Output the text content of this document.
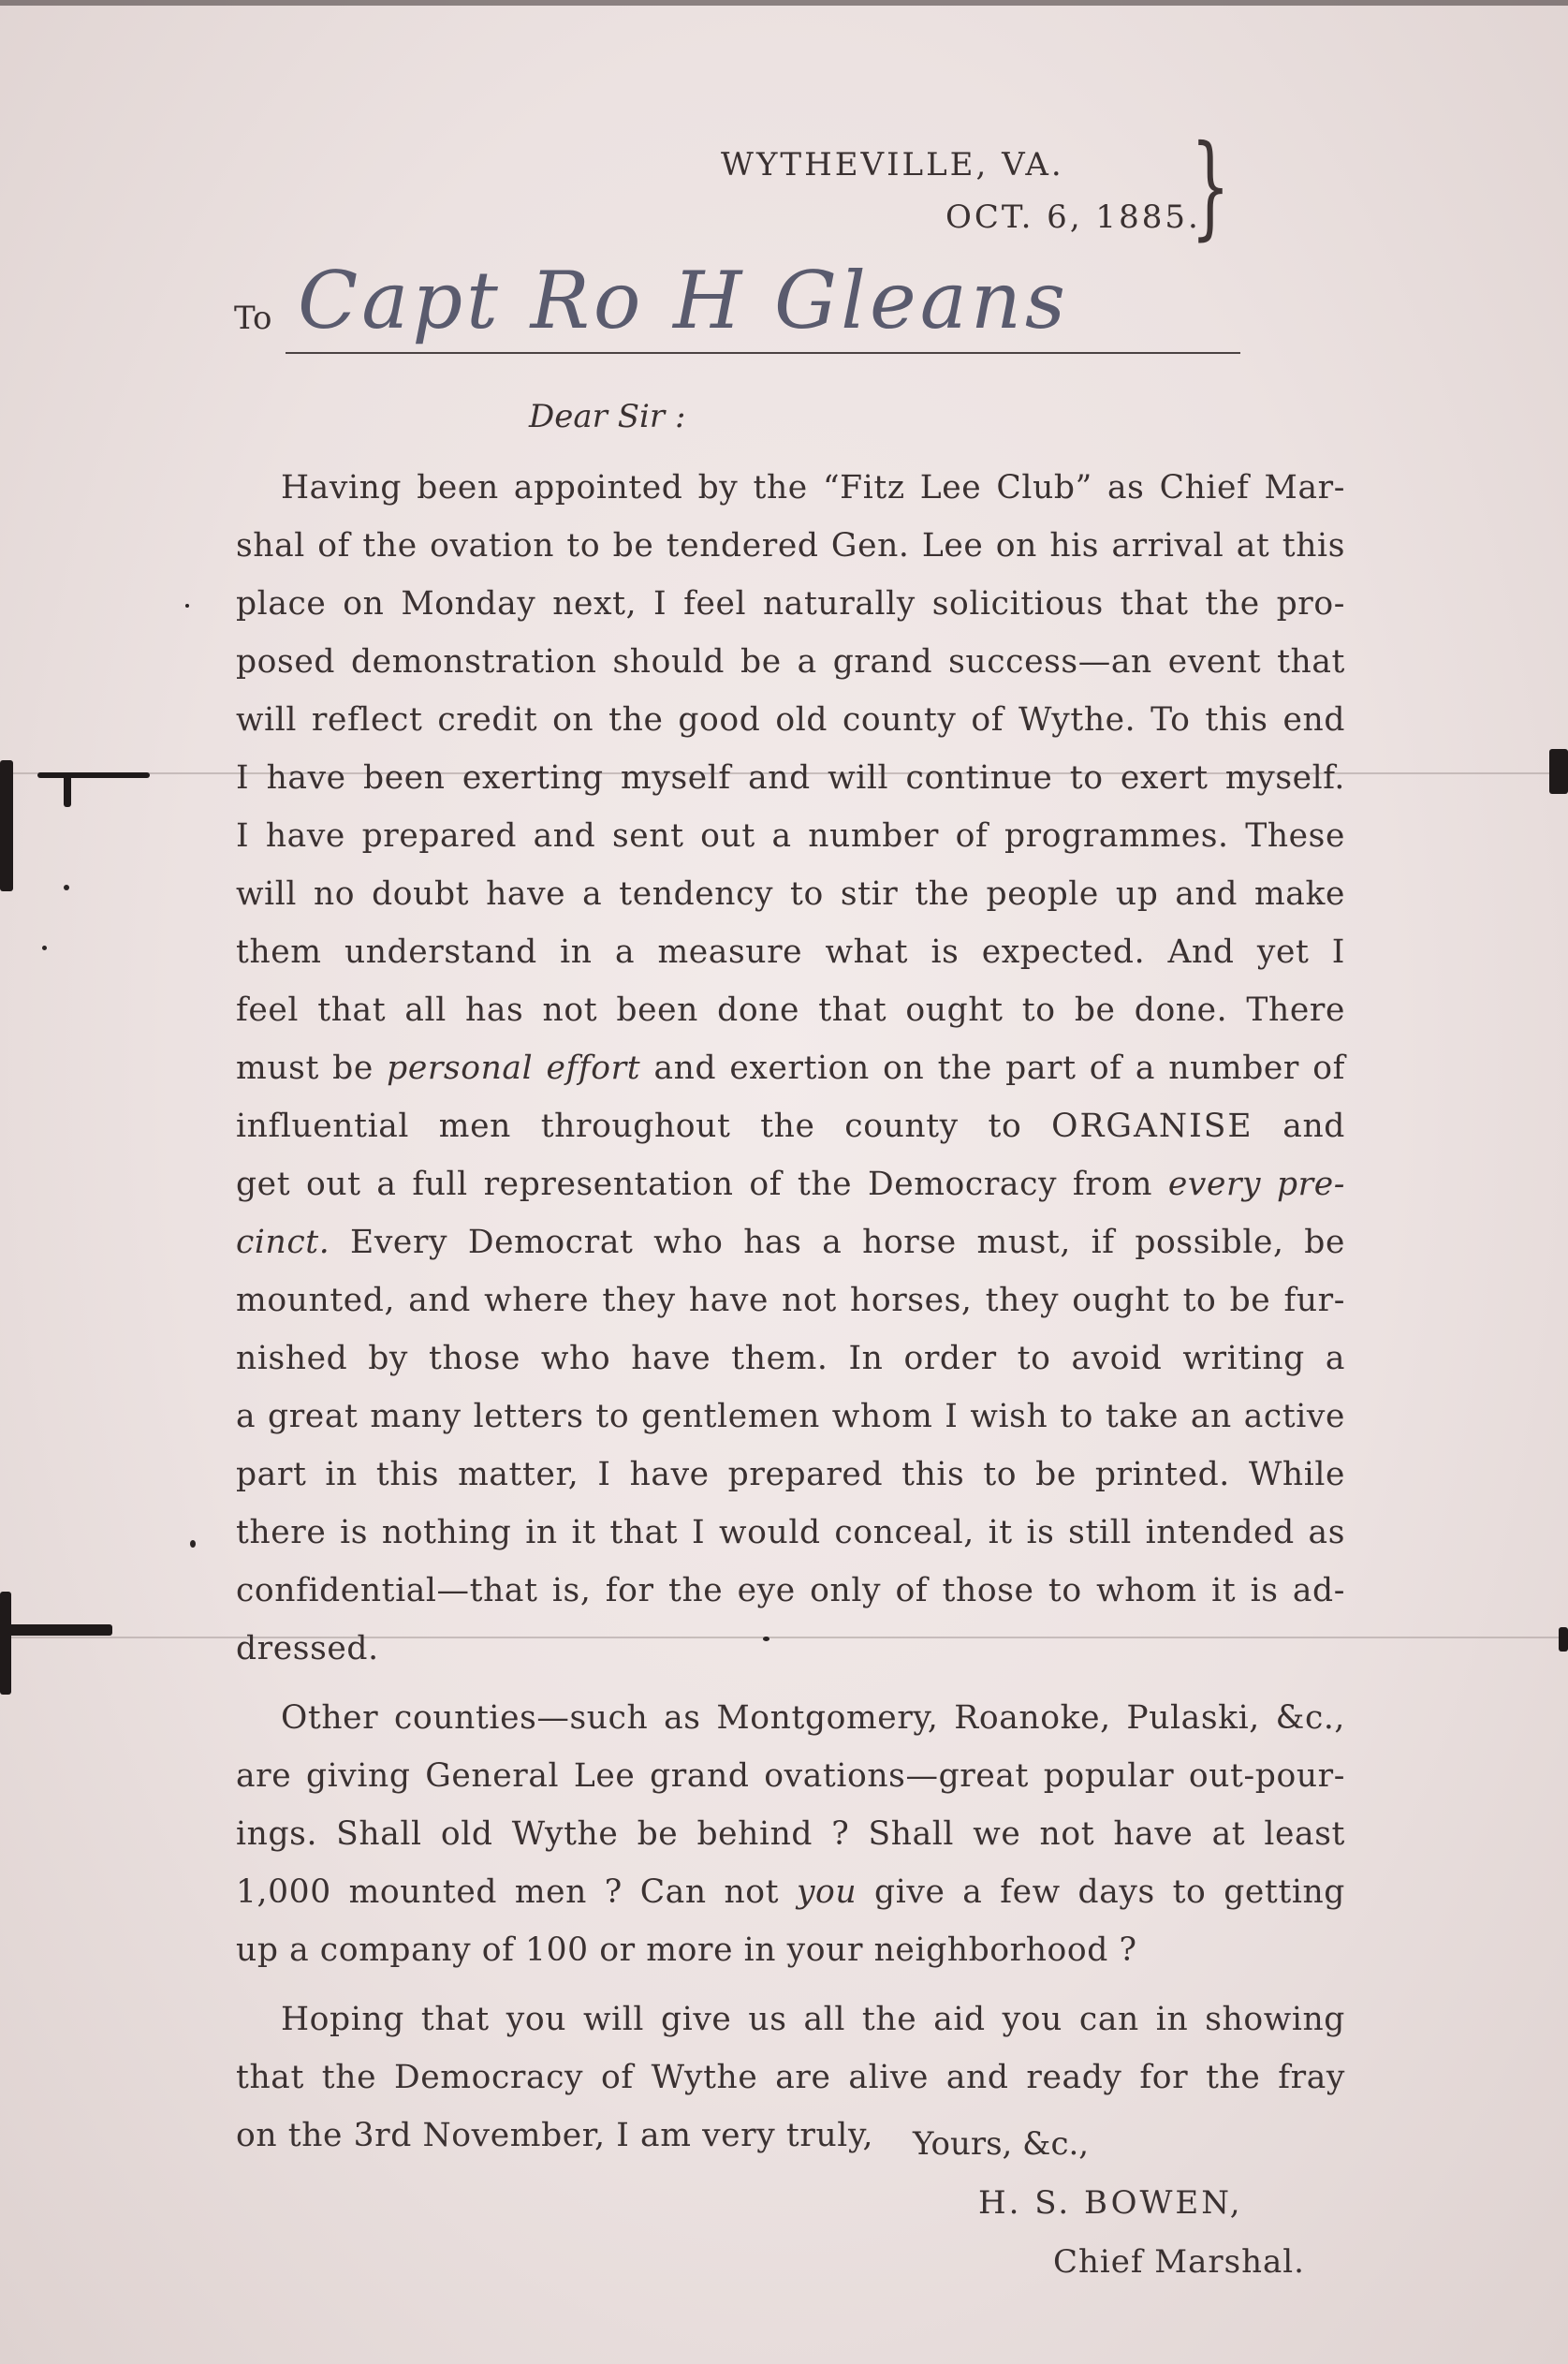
WYTHEVILLE, VA.
OCT. 6, 1885.
}
To Capt Ro H Gleans
Dear Sir :
Having been appointed by the “Fitz Lee Club” as Chief Mar-
shal of the ovation to be tendered Gen. Lee on his arrival at this
place on Monday next, I feel naturally solicitious that the pro-
posed demonstration should be a grand success—an event that
will reflect credit on the good old county of Wythe. To this end
I have been exerting myself and will continue to exert myself.
I have prepared and sent out a number of programmes. These
will no doubt have a tendency to stir the people up and make
them understand in a measure what is expected. And yet I
feel that all has not been done that ought to be done. There
must be personal effort and exertion on the part of a number of
influential men throughout the county to ORGANISE and
get out a full representation of the Democracy from every pre-
cinct. Every Democrat who has a horse must, if possible, be
mounted, and where they have not horses, they ought to be fur-
nished by those who have them. In order to avoid writing a
a great many letters to gentlemen whom I wish to take an active
part in this matter, I have prepared this to be printed. While
there is nothing in it that I would conceal, it is still intended as
confidential—that is, for the eye only of those to whom it is ad-
dressed.
Other counties—such as Montgomery, Roanoke, Pulaski, &c.,
are giving General Lee grand ovations—great popular out-pour-
ings. Shall old Wythe be behind ? Shall we not have at least
1,000 mounted men ? Can not you give a few days to getting
up a company of 100 or more in your neighborhood ?
Hoping that you will give us all the aid you can in showing
that the Democracy of Wythe are alive and ready for the fray
on the 3rd November, I am very truly,	Yours, &c.,
H. S. BOWEN,
Chief Marshal.
